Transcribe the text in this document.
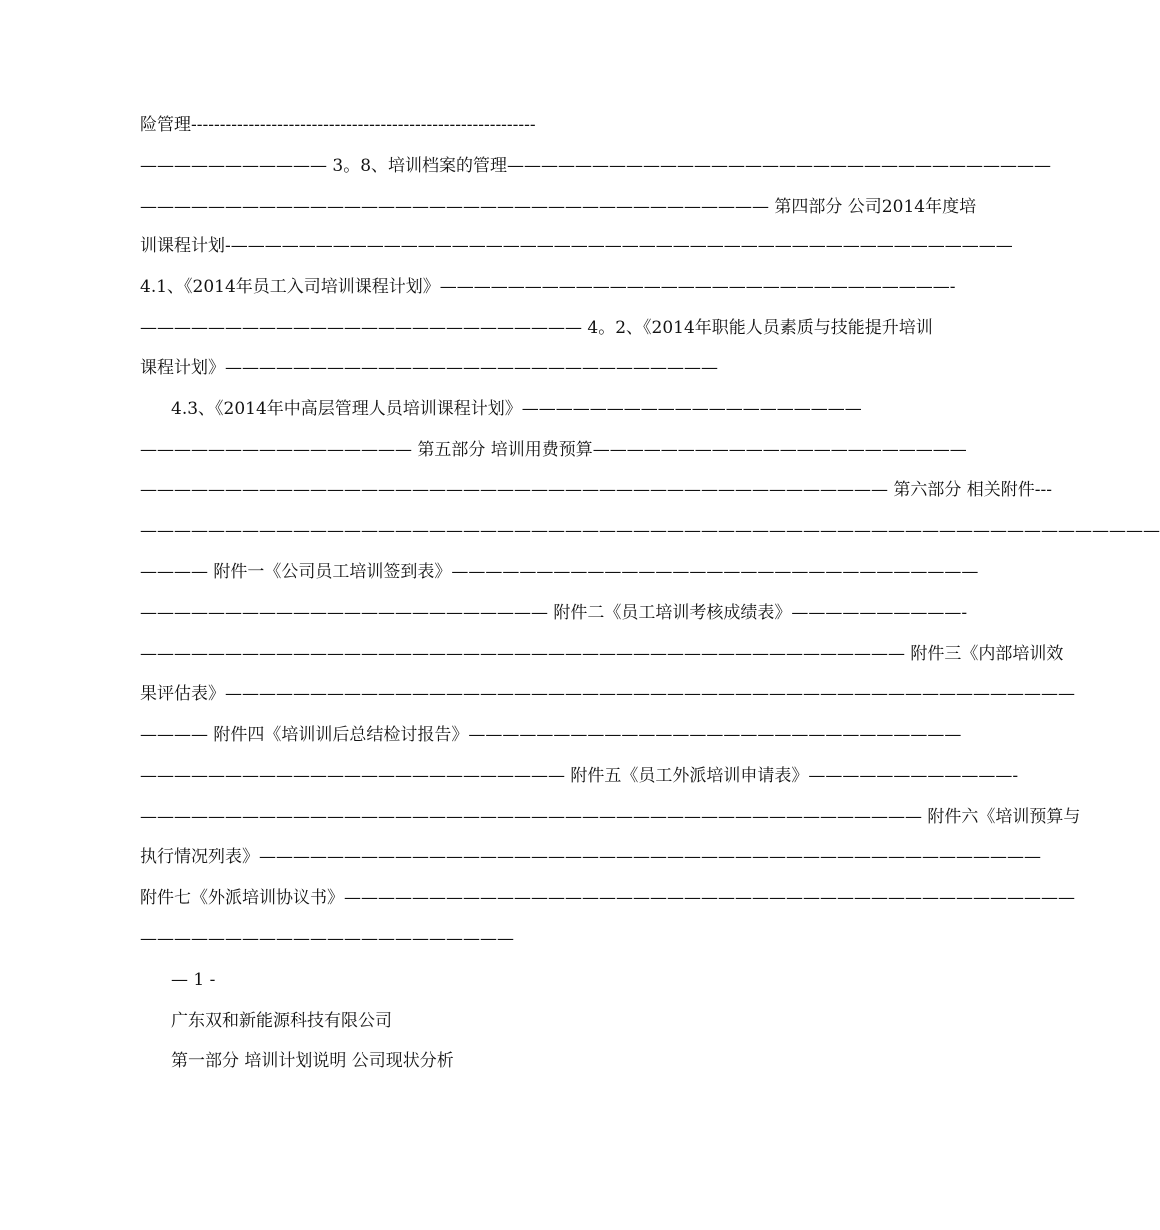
险管理------------------------------------------------------------
——————————— 3。8、培训档案的管理————————————————————————————————
————————————————————————————————————— 第四部分 公司2014年度培
训课程计划-——————————————————————————————————————————————
4.1、《2014年员工入司培训课程计划》——————————————————————————————-
—————————————————————————— 4。2、《2014年职能人员素质与技能提升培训
课程计划》—————————————————————————————
4.3、《2014年中高层管理人员培训课程计划》————————————————————
———————————————— 第五部分 培训用费预算——————————————————————
———————————————————————————————————————————— 第六部分 相关附件---
————————————————————————————————————————————————————————————
———— 附件一《公司员工培训签到表》———————————————————————————————
———————————————————————— 附件二《员工培训考核成绩表》——————————-
————————————————————————————————————————————— 附件三《内部培训效
果评估表》——————————————————————————————————————————————————
———— 附件四《培训训后总结检讨报告》—————————————————————————————
————————————————————————— 附件五《员工外派培训申请表》————————————-
—————————————————————————————————————————————— 附件六《培训预算与
执行情况列表》——————————————————————————————————————————————
附件七《外派培训协议书》———————————————————————————————————————————
——————————————————————
— 1 -
广东双和新能源科技有限公司
第一部分 培训计划说明 公司现状分析
